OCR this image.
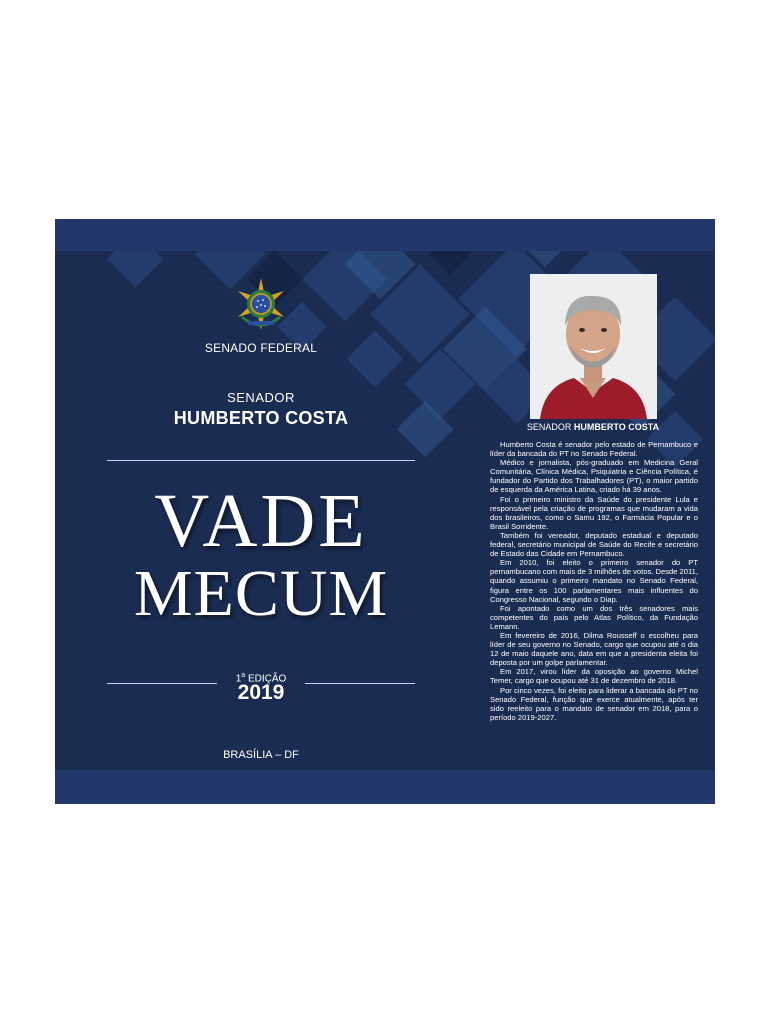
SENADO FEDERAL
SENADOR
HUMBERTO COSTA
VADE
MECUM
1$^a$ EDIÇÃO
2019
BRASÍLIA – DF
SENADOR HUMBERTO COSTA

Humberto Costa é senador pelo estado de Pernambuco e líder da bancada do PT no Senado Federal.

Médico e jornalista, pós-graduado em Medicina Geral Comunitária, Clínica Médica, Psiquiatria e Ciência Política, é fundador do Partido dos Trabalhadores (PT), o maior partido de esquerda da América Latina, criado há 39 anos.

Foi o primeiro ministro da Saúde do presidente Lula e responsável pela criação de programas que mudaram a vida dos brasileiros, como o Samu 192, o Farmácia Popular e o Brasil Sorridente.

Também foi vereador, deputado estadual e deputado federal, secretário municipal de Saúde do Recife e secretário de Estado das Cidade em Pernambuco.

Em 2010, foi eleito o primeiro senador do PT pernambucano com mais de 3 milhões de votos. Desde 2011, quando assumiu o primeiro mandato no Senado Federal, figura entre os 100 parlamentares mais influentes do Congresso Nacional, segundo o Diap.

Foi apontado como um dos três senadores mais competentes do país pelo Atlas Político, da Fundação Lemann.

Em fevereiro de 2016, Dilma Rousseff o escolheu para líder de seu governo no Senado, cargo que ocupou até o dia 12 de maio daquele ano, data em que a presidenta eleita foi deposta por um golpe parlamentar.

Em 2017, virou líder da oposição ao governo Michel Temer, cargo que ocupou até 31 de dezembro de 2018.

Por cinco vezes, foi eleito para liderar a bancada do PT no Senado Federal, função que exerce atualmente, após ter sido reeleito para o mandato de senador em 2018, para o período 2019-2027.
